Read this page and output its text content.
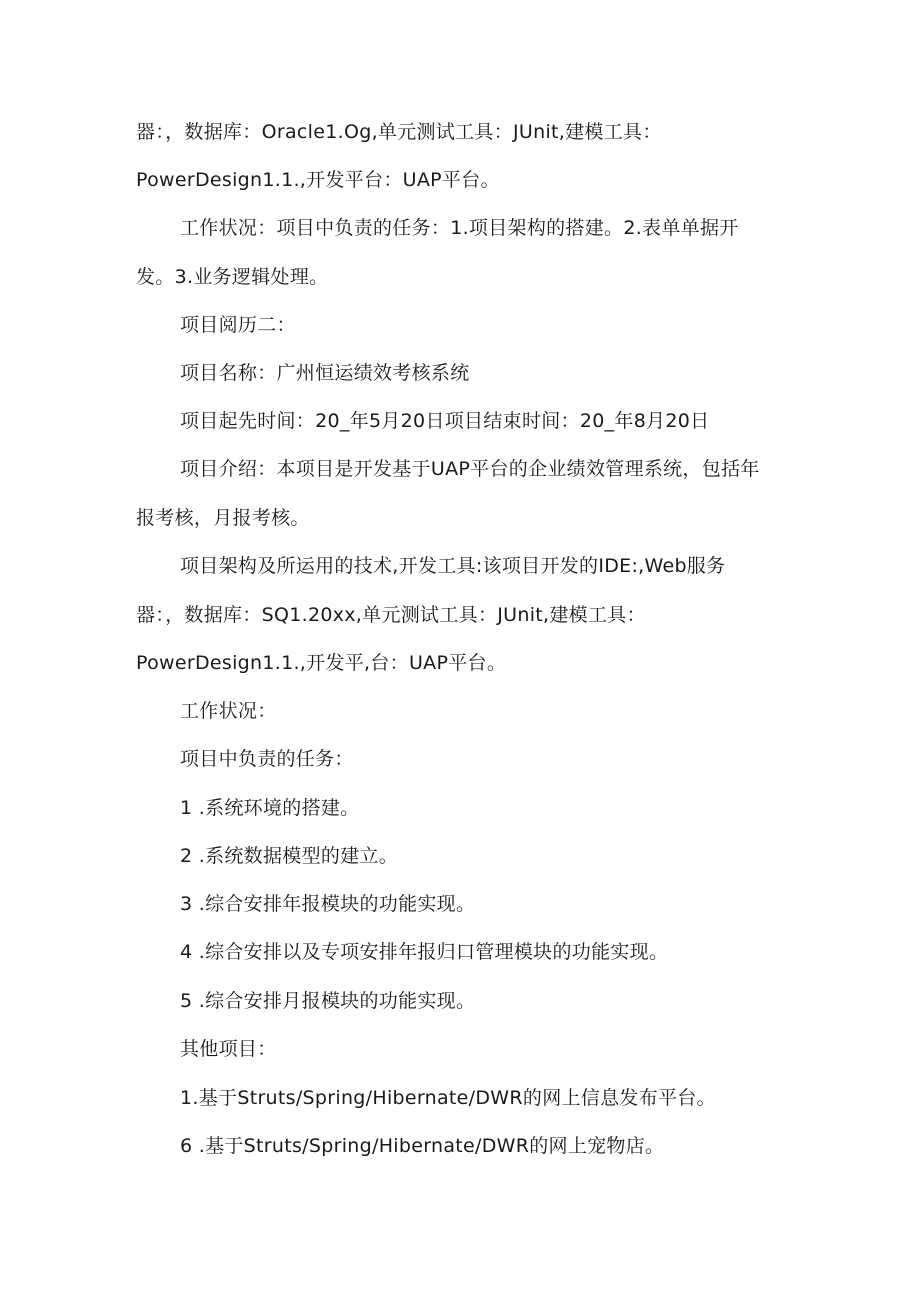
器：，数据库：Oracle1.Og,单元测试工具：JUnit,建模工具：
PowerDesign1.1.,开发平台：UAP平台。
工作状况：项目中负责的任务：1.项目架构的搭建。2.表单单据开
发。3.业务逻辑处理。
项目阅历二：
项目名称：广州恒运绩效考核系统
项目起先时间：20_年5月20日项目结束时间：20_年8月20日
项目介绍：本项目是开发基于UAP平台的企业绩效管理系统，包括年
报考核，月报考核。
项目架构及所运用的技术,开发工具:该项目开发的IDE:,Web服务
器：，数据库：SQ1.20xx,单元测试工具：JUnit,建模工具：
PowerDesign1.1.,开发平,台：UAP平台。
工作状况：
项目中负责的任务：
1 .系统环境的搭建。
2 .系统数据模型的建立。
3 .综合安排年报模块的功能实现。
4 .综合安排以及专项安排年报归口管理模块的功能实现。
5 .综合安排月报模块的功能实现。
其他项目：
1.基于Struts/Spring/Hibernate/DWR的网上信息发布平台。
6 .基于Struts/Spring/Hibernate/DWR的网上宠物店。
